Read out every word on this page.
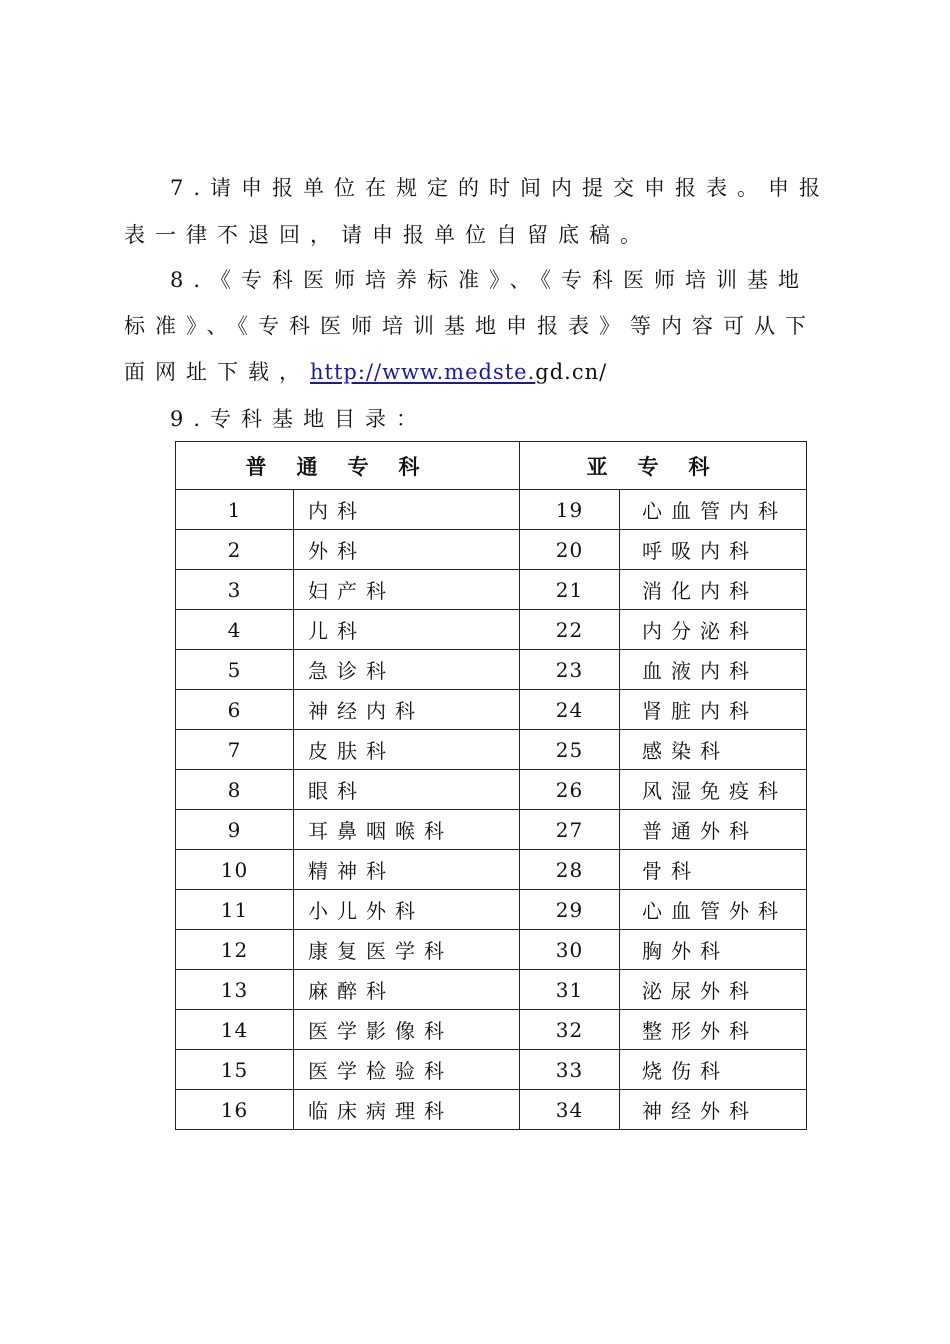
7.请申报单位在规定的时间内提交申报表。申报
表一律不退回，请申报单位自留底稿。
8.《专科医师培养标准》、《专科医师培训基地
标准》、《专科医师培训基地申报表》等内容可从下
面网址下载，http://www.medste.gd.cn/
9.专科基地目录：
普通专科		亚专科	
1	内科	19	心血管内科
2	外科	20	呼吸内科
3	妇产科	21	消化内科
4	儿科	22	内分泌科
5	急诊科	23	血液内科
6	神经内科	24	肾脏内科
7	皮肤科	25	感染科
8	眼科	26	风湿免疫科
9	耳鼻咽喉科	27	普通外科
10	精神科	28	骨科
11	小儿外科	29	心血管外科
12	康复医学科	30	胸外科
13	麻醉科	31	泌尿外科
14	医学影像科	32	整形外科
15	医学检验科	33	烧伤科
16	临床病理科	34	神经外科
